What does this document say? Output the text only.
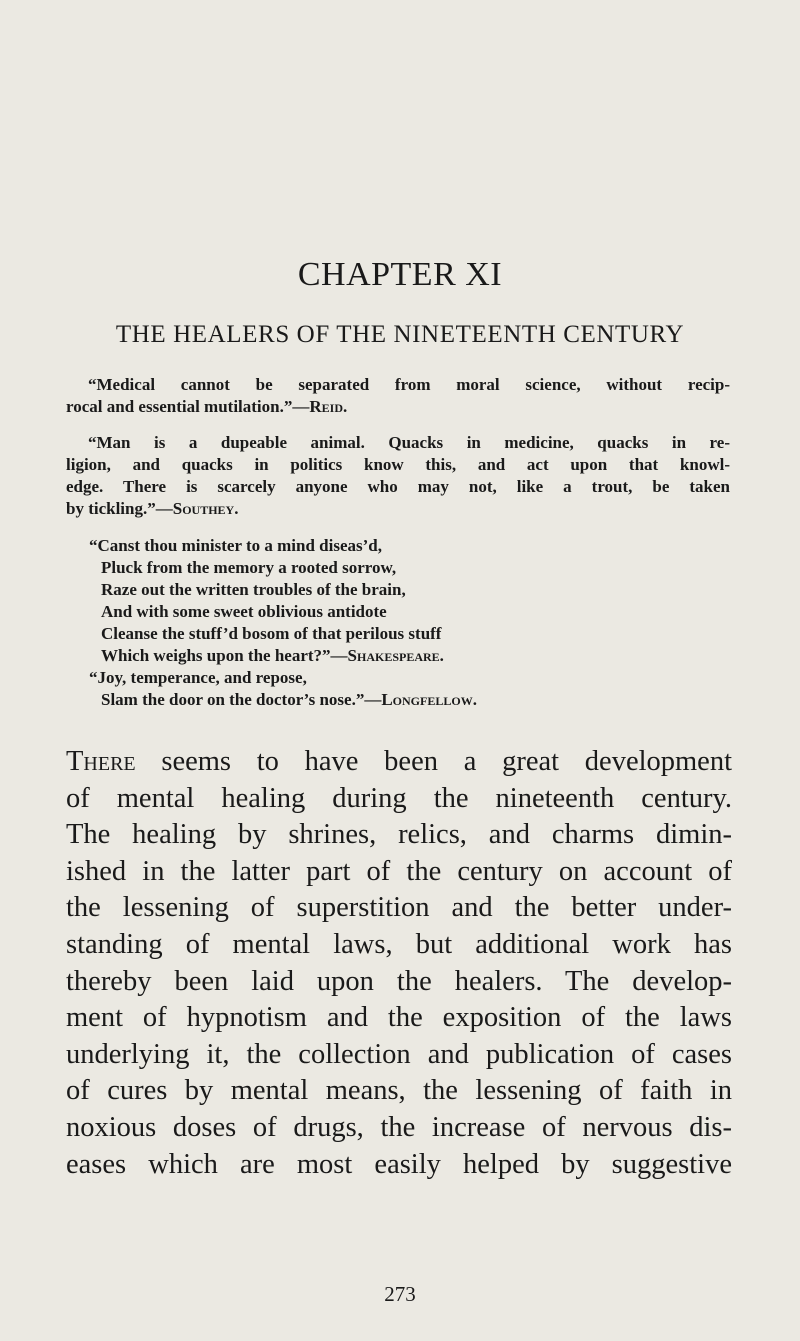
CHAPTER XI
THE HEALERS OF THE NINETEENTH CENTURY
“Medical cannot be separated from moral science, without recip-
rocal and essential mutilation.”—Reid.
“Man is a dupeable animal. Quacks in medicine, quacks in re-
ligion, and quacks in politics know this, and act upon that knowl-
edge. There is scarcely anyone who may not, like a trout, be taken
by tickling.”—Southey.
“Canst thou minister to a mind diseas’d,
Pluck from the memory a rooted sorrow,
Raze out the written troubles of the brain,
And with some sweet oblivious antidote
Cleanse the stuff’d bosom of that perilous stuff
Which weighs upon the heart?”—Shakespeare.
“Joy, temperance, and repose,
Slam the door on the doctor’s nose.”—Longfellow.
There seems to have been a great development
of mental healing during the nineteenth century.
The healing by shrines, relics, and charms dimin-
ished in the latter part of the century on account of
the lessening of superstition and the better under-
standing of mental laws, but additional work has
thereby been laid upon the healers. The develop-
ment of hypnotism and the exposition of the laws
underlying it, the collection and publication of cases
of cures by mental means, the lessening of faith in
noxious doses of drugs, the increase of nervous dis-
eases which are most easily helped by suggestive
273
